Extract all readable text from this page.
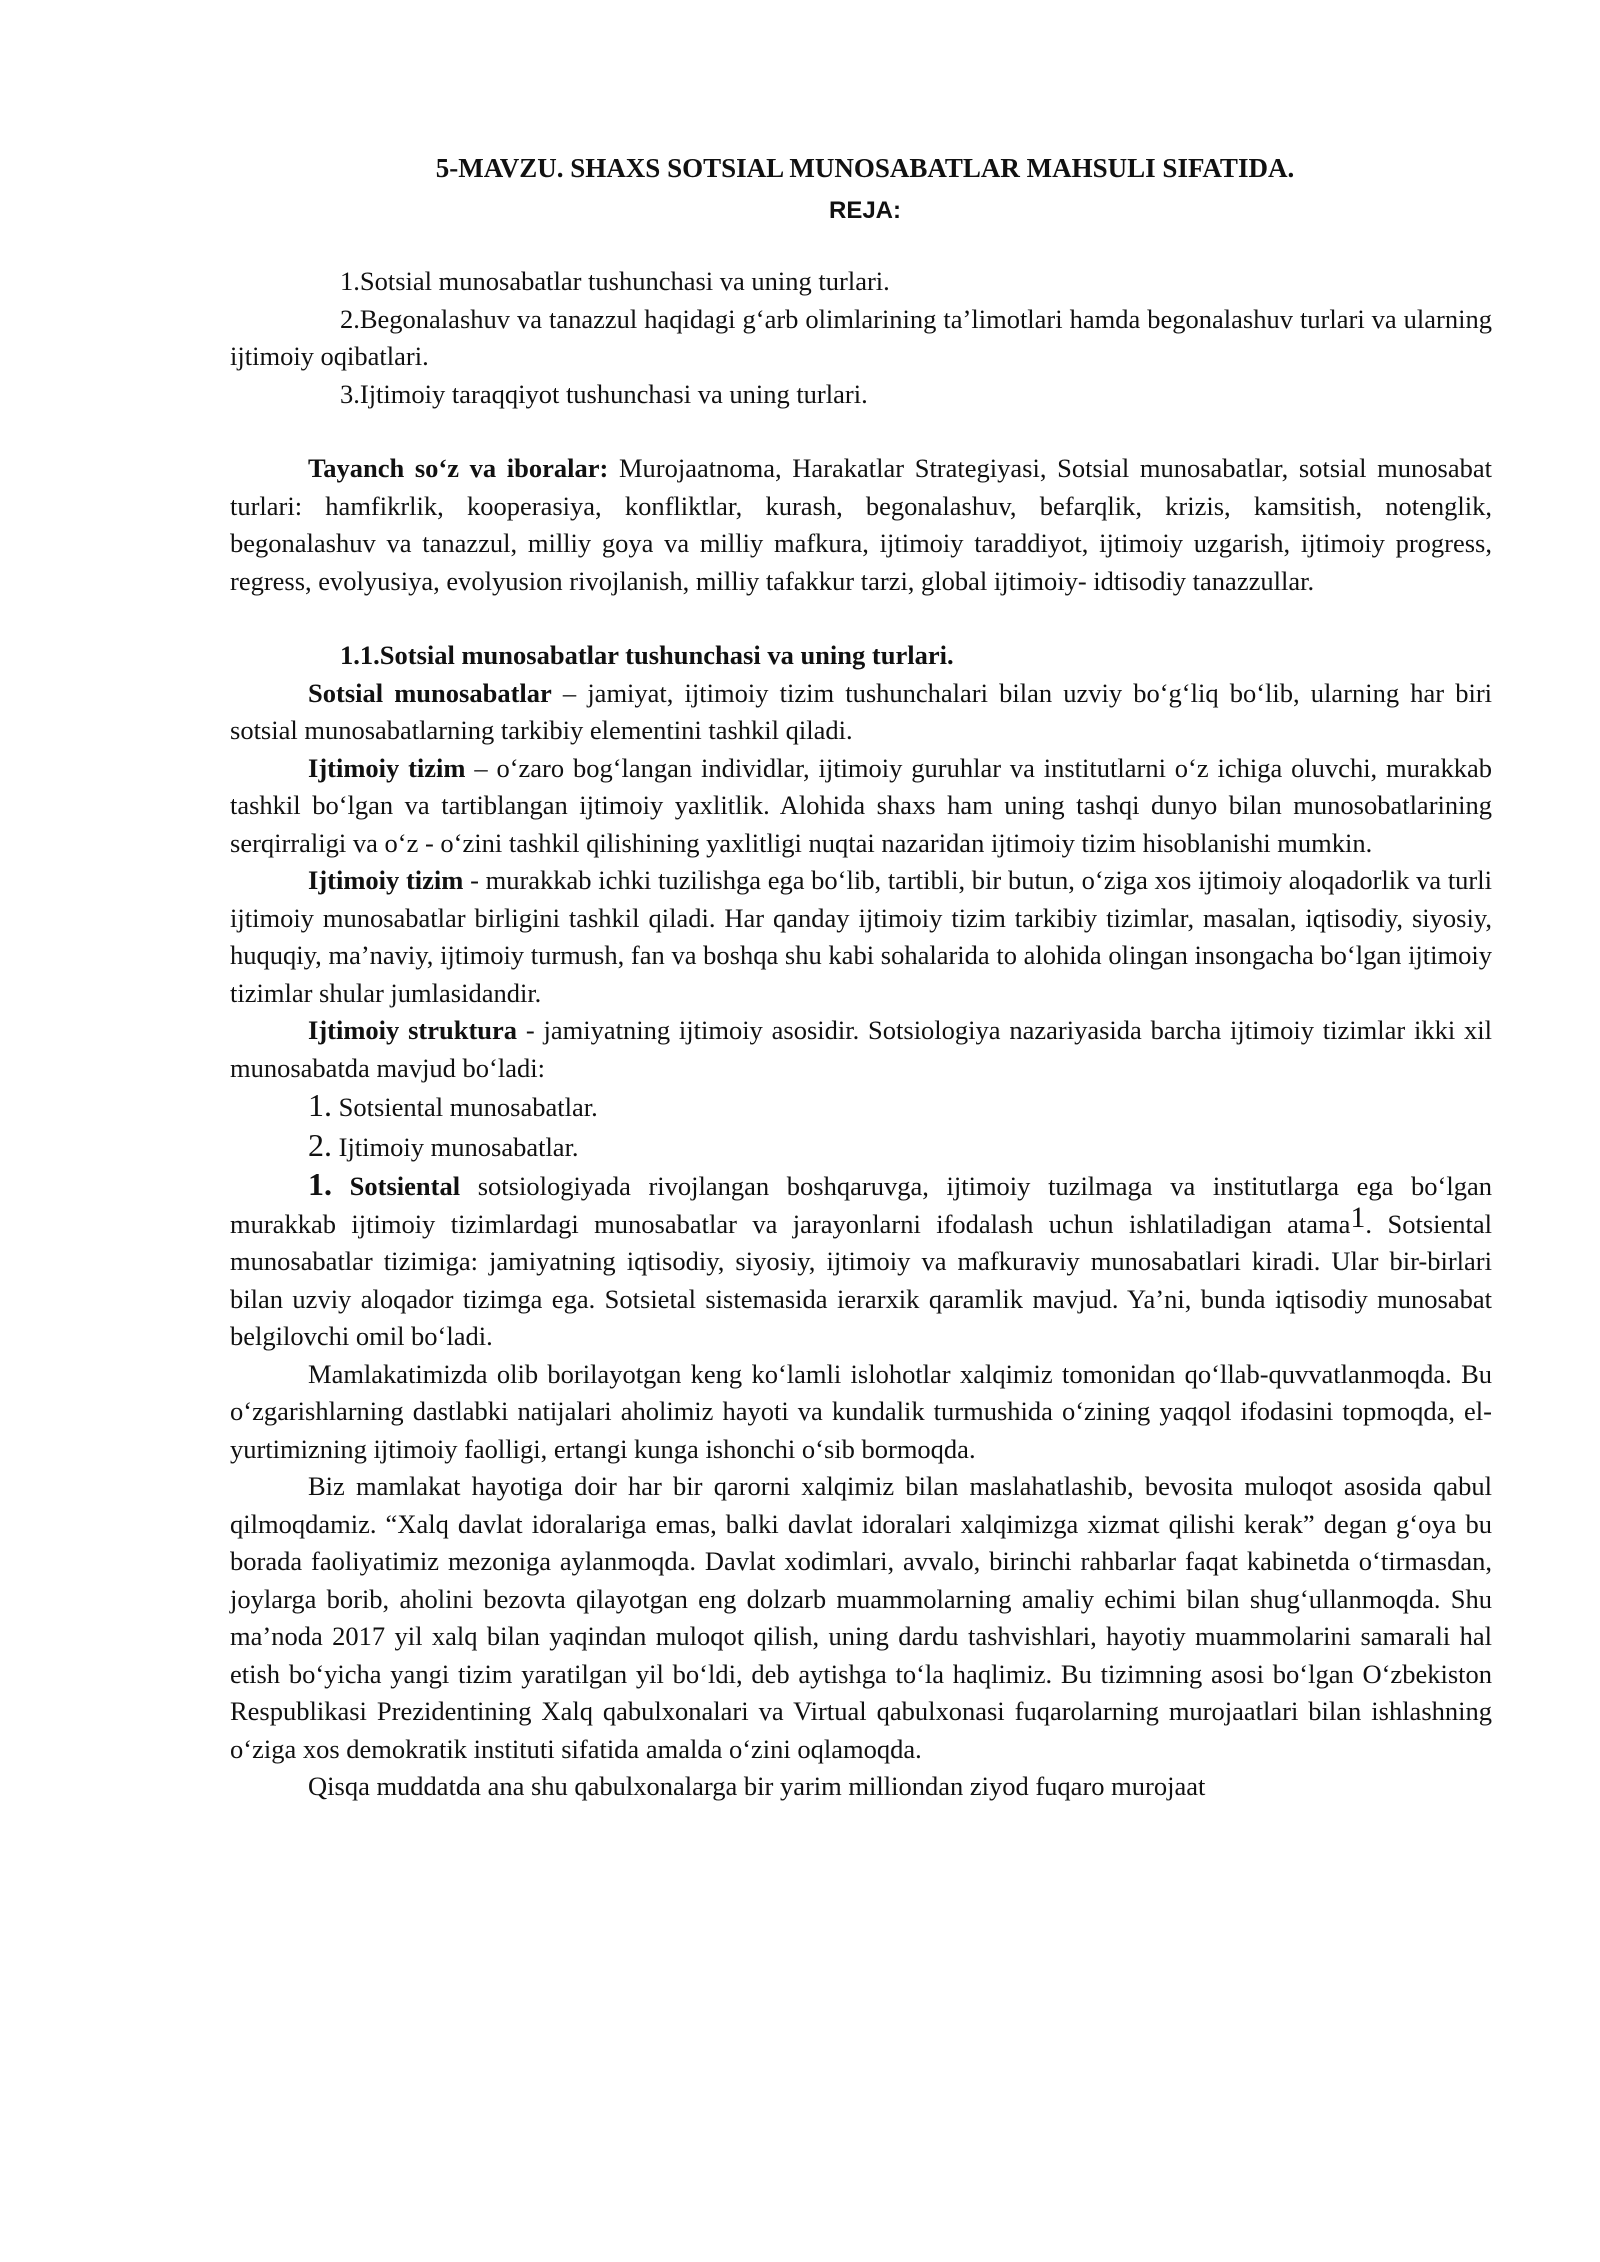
5-MAVZU. SHAXS SOTSIAL MUNOSABATLAR MAHSULI SIFATIDA.
REJA:

1.Sotsial munosabatlar tushunchasi va uning turlari.

2.Begonalashuv va tanazzul haqidagi g‘arb olimlarining ta’limotlari hamda begonalashuv turlari va ularning ijtimoiy oqibatlari.

3.Ijtimoiy taraqqiyot tushunchasi va uning turlari.

Tayanch so‘z va iboralar: Murojaatnoma, Harakatlar Strategiyasi, Sotsial munosabatlar, sotsial munosabat turlari: hamfikrlik, kooperasiya, konfliktlar, kurash, begonalashuv, befarqlik, krizis, kamsitish, notenglik, begonalashuv va tanazzul, milliy goya va milliy mafkura, ijtimoiy taraddiyot, ijtimoiy uzgarish, ijtimoiy progress, regress, evolyusiya, evolyusion rivojlanish, milliy tafakkur tarzi, global ijtimoiy- idtisodiy tanazzullar.

1.1.Sotsial munosabatlar tushunchasi va uning turlari.

Sotsial munosabatlar – jamiyat, ijtimoiy tizim tushunchalari bilan uzviy bo‘g‘liq bo‘lib, ularning har biri sotsial munosabatlarning tarkibiy elementini tashkil qiladi.

Ijtimoiy tizim – o‘zaro bog‘langan individlar, ijtimoiy guruhlar va institutlarni o‘z ichiga oluvchi, murakkab tashkil bo‘lgan va tartiblangan ijtimoiy yaxlitlik. Alohida shaxs ham uning tashqi dunyo bilan munosobatlarining serqirraligi va o‘z - o‘zini tashkil qilishining yaxlitligi nuqtai nazaridan ijtimoiy tizim hisoblanishi mumkin.

Ijtimoiy tizim - murakkab ichki tuzilishga ega bo‘lib, tartibli, bir butun, o‘ziga xos ijtimoiy aloqadorlik va turli ijtimoiy munosabatlar birligini tashkil qiladi. Har qanday ijtimoiy tizim tarkibiy tizimlar, masalan, iqtisodiy, siyosiy, huquqiy, ma’naviy, ijtimoiy turmush, fan va boshqa shu kabi sohalarida to alohida olingan insongacha bo‘lgan ijtimoiy tizimlar shular jumlasidandir.

Ijtimoiy struktura - jamiyatning ijtimoiy asosidir. Sotsiologiya nazariyasida barcha ijtimoiy tizimlar ikki xil munosabatda mavjud bo‘ladi:

1. Sotsiental munosabatlar.

2. Ijtimoiy munosabatlar.

1. Sotsiental sotsiologiyada rivojlangan boshqaruvga, ijtimoiy tuzilmaga va institutlarga ega bo‘lgan murakkab ijtimoiy tizimlardagi munosabatlar va jarayonlarni ifodalash uchun ishlatiladigan atama$^1$. Sotsiental munosabatlar tizimiga: jamiyatning iqtisodiy, siyosiy, ijtimoiy va mafkuraviy munosabatlari kiradi. Ular bir-birlari bilan uzviy aloqador tizimga ega. Sotsietal sistemasida ierarxik qaramlik mavjud. Ya’ni, bunda iqtisodiy munosabat belgilovchi omil bo‘ladi.

Mamlakatimizda olib borilayotgan keng ko‘lamli islohotlar xalqimiz tomonidan qo‘llab-quvvatlanmoqda. Bu o‘zgarishlarning dastlabki natijalari aholimiz hayoti va kundalik turmushida o‘zining yaqqol ifodasini topmoqda, el-yurtimizning ijtimoiy faolligi, ertangi kunga ishonchi o‘sib bormoqda.

Biz mamlakat hayotiga doir har bir qarorni xalqimiz bilan maslahatlashib, bevosita muloqot asosida qabul qilmoqdamiz. “Xalq davlat idoralariga emas, balki davlat idoralari xalqimizga xizmat qilishi kerak” degan g‘oya bu borada faoliyatimiz mezoniga aylanmoqda. Davlat xodimlari, avvalo, birinchi rahbarlar faqat kabinetda o‘tirmasdan, joylarga borib, aholini bezovta qilayotgan eng dolzarb muammolarning amaliy echimi bilan shug‘ullanmoqda. Shu ma’noda 2017 yil xalq bilan yaqindan muloqot qilish, uning dardu tashvishlari, hayotiy muammolarini samarali hal etish bo‘yicha yangi tizim yaratilgan yil bo‘ldi, deb aytishga to‘la haqlimiz. Bu tizimning asosi bo‘lgan O‘zbekiston Respublikasi Prezidentining Xalq qabulxonalari va Virtual qabulxonasi fuqarolarning murojaatlari bilan ishlashning o‘ziga xos demokratik instituti sifatida amalda o‘zini oqlamoqda.

Qisqa muddatda ana shu qabulxonalarga bir yarim milliondan ziyod fuqaro murojaat
